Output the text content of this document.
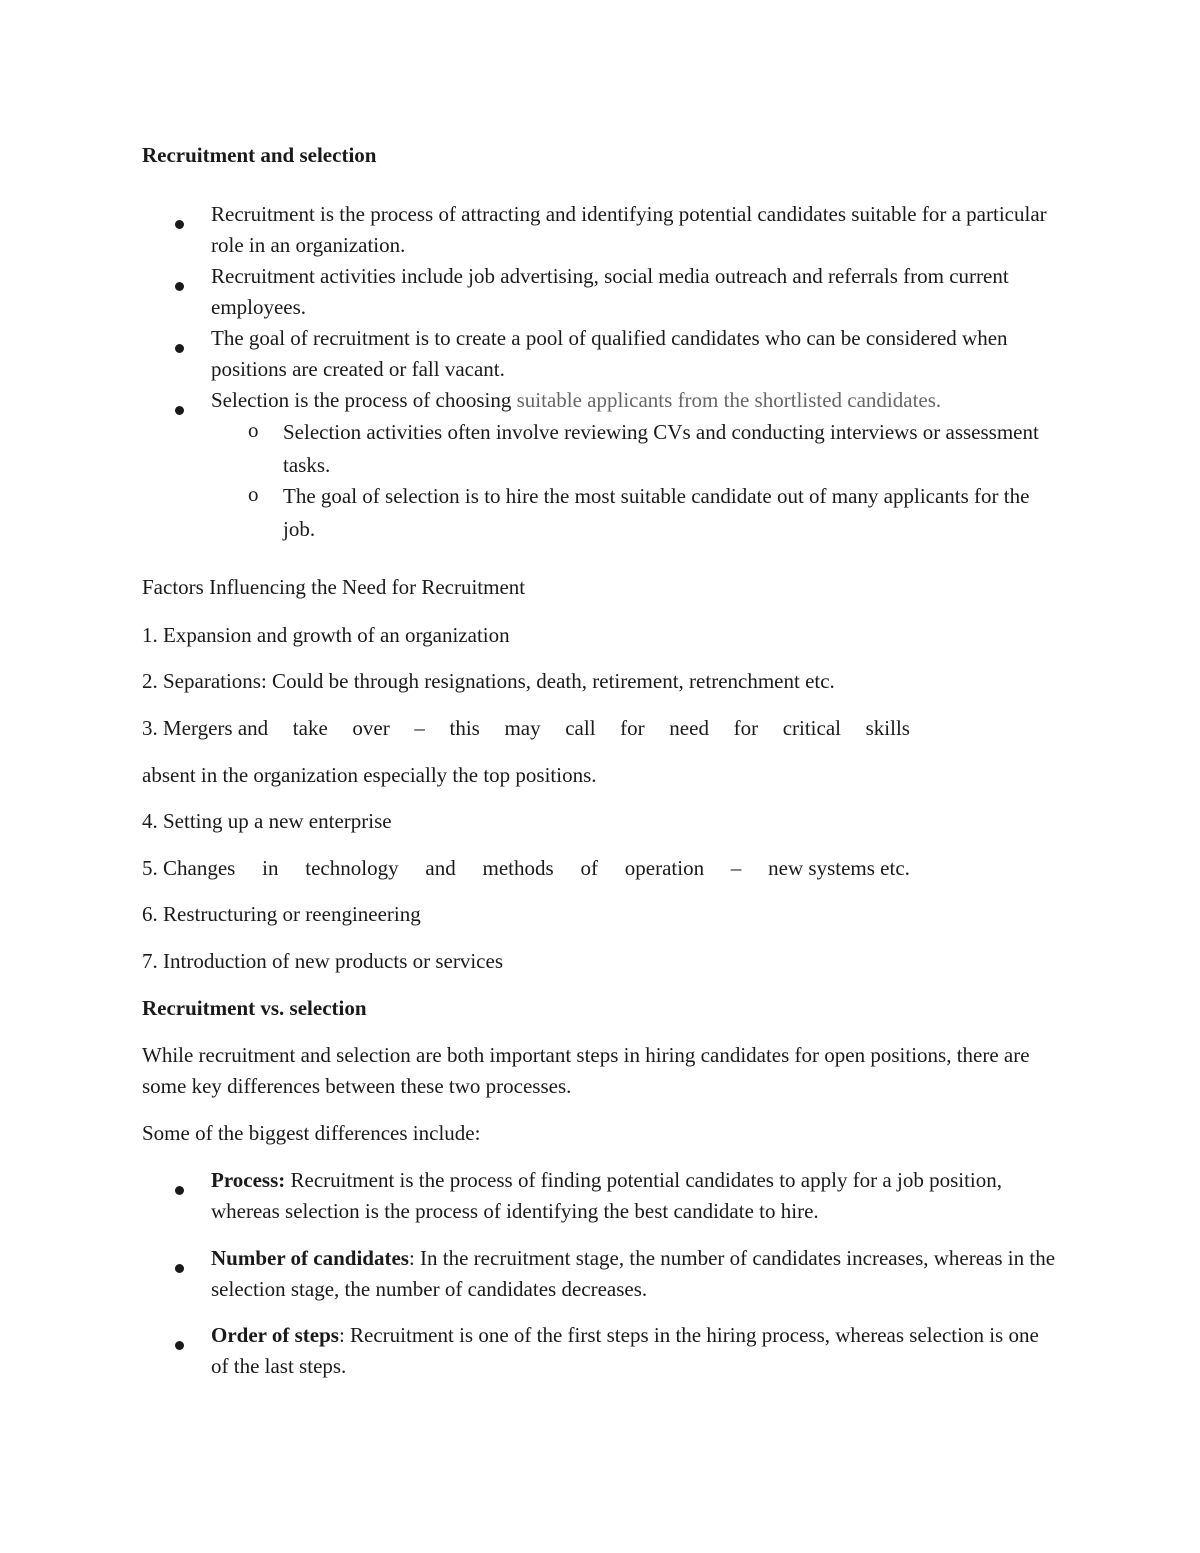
Recruitment and selection
Recruitment is the process of attracting and identifying potential candidates suitable for a particular role in an organization.
Recruitment activities include job advertising, social media outreach and referrals from current employees.
The goal of recruitment is to create a pool of qualified candidates who can be considered when positions are created or fall vacant.
Selection is the process of choosing suitable applicants from the shortlisted candidates.
o Selection activities often involve reviewing CVs and conducting interviews or assessment tasks.
o The goal of selection is to hire the most suitable candidate out of many applicants for the job.
Factors Influencing the Need for Recruitment
1. Expansion and growth of an organization
2. Separations: Could be through resignations, death, retirement, retrenchment etc.
3. Mergers and take over – this may call for need for critical skills
absent in the organization especially the top positions.
4. Setting up a new enterprise
5. Changes in technology and methods of operation – new systems etc.
6. Restructuring or reengineering
7. Introduction of new products or services
Recruitment vs. selection
While recruitment and selection are both important steps in hiring candidates for open positions, there are some key differences between these two processes.
Some of the biggest differences include:
Process: Recruitment is the process of finding potential candidates to apply for a job position, whereas selection is the process of identifying the best candidate to hire.
Number of candidates: In the recruitment stage, the number of candidates increases, whereas in the selection stage, the number of candidates decreases.
Order of steps: Recruitment is one of the first steps in the hiring process, whereas selection is one of the last steps.
